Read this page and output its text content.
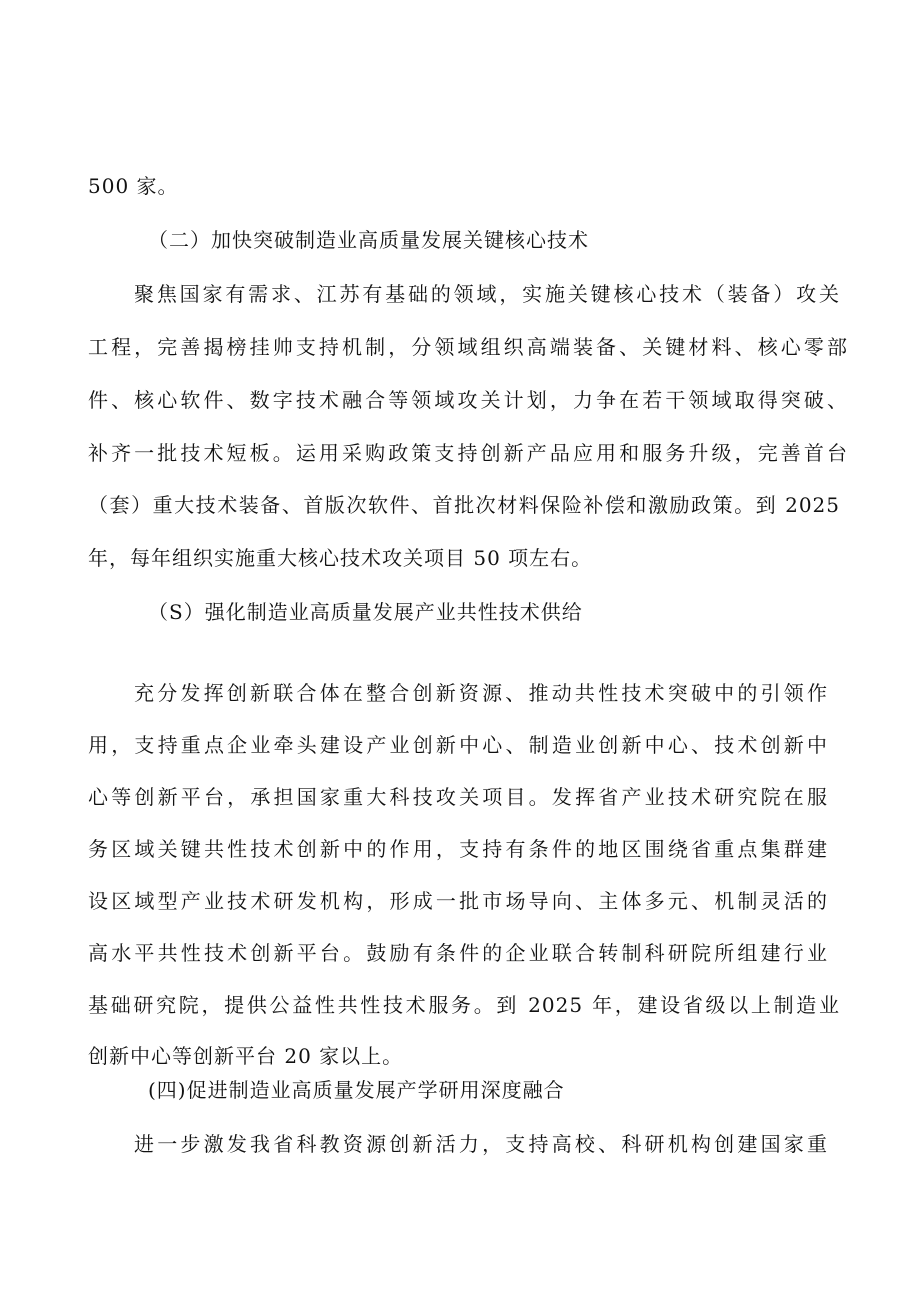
500 家。
（二）加快突破制造业高质量发展关键核心技术
聚焦国家有需求、江苏有基础的领域，实施关键核心技术（装备）攻关
工程，完善揭榜挂帅支持机制，分领域组织高端装备、关键材料、核心零部
件、核心软件、数字技术融合等领域攻关计划，力争在若干领域取得突破、
补齐一批技术短板。运用采购政策支持创新产品应用和服务升级，完善首台
（套）重大技术装备、首版次软件、首批次材料保险补偿和激励政策。到 2025
年，每年组织实施重大核心技术攻关项目 50 项左右。
（S）强化制造业高质量发展产业共性技术供给
充分发挥创新联合体在整合创新资源、推动共性技术突破中的引领作
用，支持重点企业牵头建设产业创新中心、制造业创新中心、技术创新中
心等创新平台，承担国家重大科技攻关项目。发挥省产业技术研究院在服
务区域关键共性技术创新中的作用，支持有条件的地区围绕省重点集群建
设区域型产业技术研发机构，形成一批市场导向、主体多元、机制灵活的
高水平共性技术创新平台。鼓励有条件的企业联合转制科研院所组建行业
基础研究院，提供公益性共性技术服务。到 2025 年，建设省级以上制造业
创新中心等创新平台 20 家以上。
(四)促进制造业高质量发展产学研用深度融合
进一步激发我省科教资源创新活力，支持高校、科研机构创建国家重
